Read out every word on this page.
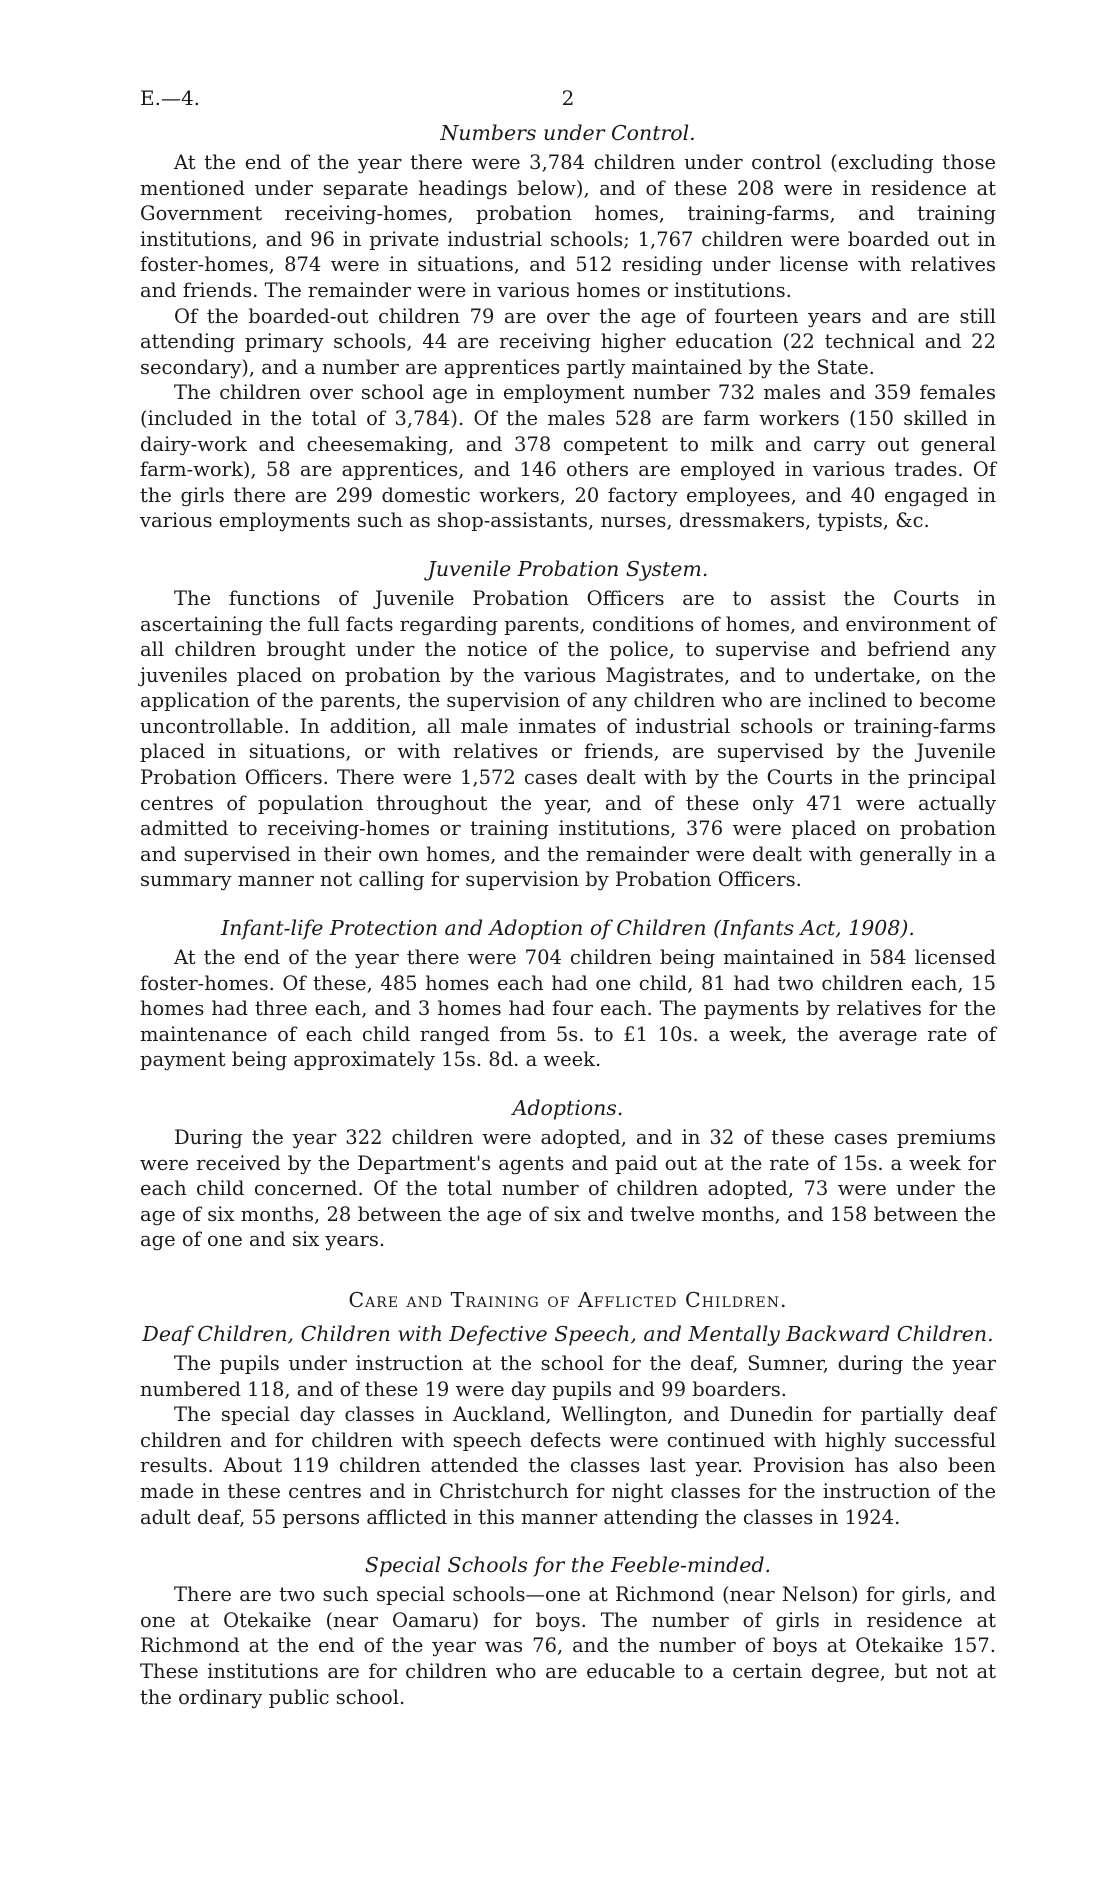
E.—4.	2
Numbers under Control.

At the end of the year there were 3,784 children under control (excluding those mentioned under separate headings below), and of these 208 were in residence at Government receiving-homes, probation homes, training-farms, and training institutions, and 96 in private industrial schools; 1,767 children were boarded out in foster-homes, 874 were in situations, and 512 residing under license with relatives and friends. The remainder were in various homes or institutions.

Of the boarded-out children 79 are over the age of fourteen years and are still attending primary schools, 44 are receiving higher education (22 technical and 22 secondary), and a number are apprentices partly maintained by the State.

The children over school age in employment number 732 males and 359 females (included in the total of 3,784). Of the males 528 are farm workers (150 skilled in dairy-work and cheesemaking, and 378 competent to milk and carry out general farm-work), 58 are apprentices, and 146 others are employed in various trades. Of the girls there are 299 domestic workers, 20 factory employees, and 40 engaged in various employments such as shop-assistants, nurses, dressmakers, typists, &c.

Juvenile Probation System.

The functions of Juvenile Probation Officers are to assist the Courts in ascertaining the full facts regarding parents, conditions of homes, and environment of all children brought under the notice of the police, to supervise and befriend any juveniles placed on probation by the various Magistrates, and to undertake, on the application of the parents, the supervision of any children who are inclined to become uncontrollable. In addition, all male inmates of industrial schools or training-farms placed in situations, or with relatives or friends, are supervised by the Juvenile Probation Officers. There were 1,572 cases dealt with by the Courts in the principal centres of population throughout the year, and of these only 471 were actually admitted to receiving-homes or training institutions, 376 were placed on probation and supervised in their own homes, and the remainder were dealt with generally in a summary manner not calling for supervision by Probation Officers.

Infant-life Protection and Adoption of Children (Infants Act, 1908).

At the end of the year there were 704 children being maintained in 584 licensed foster-homes. Of these, 485 homes each had one child, 81 had two children each, 15 homes had three each, and 3 homes had four each. The payments by relatives for the maintenance of each child ranged from 5s. to £1 10s. a week, the average rate of payment being approximately 15s. 8d. a week.

Adoptions.

During the year 322 children were adopted, and in 32 of these cases premiums were received by the Department's agents and paid out at the rate of 15s. a week for each child concerned. Of the total number of children adopted, 73 were under the age of six months, 28 between the age of six and twelve months, and 158 between the age of one and six years.

Care and Training of Afflicted Children.
Deaf Children, Children with Defective Speech, and Mentally Backward Children.

The pupils under instruction at the school for the deaf, Sumner, during the year numbered 118, and of these 19 were day pupils and 99 boarders.

The special day classes in Auckland, Wellington, and Dunedin for partially deaf children and for children with speech defects were continued with highly successful results. About 119 children attended the classes last year. Provision has also been made in these centres and in Christchurch for night classes for the instruction of the adult deaf, 55 persons afflicted in this manner attending the classes in 1924.

Special Schools for the Feeble-minded.

There are two such special schools—one at Richmond (near Nelson) for girls, and one at Otekaike (near Oamaru) for boys. The number of girls in residence at Richmond at the end of the year was 76, and the number of boys at Otekaike 157. These institutions are for children who are educable to a certain degree, but not at the ordinary public school.
